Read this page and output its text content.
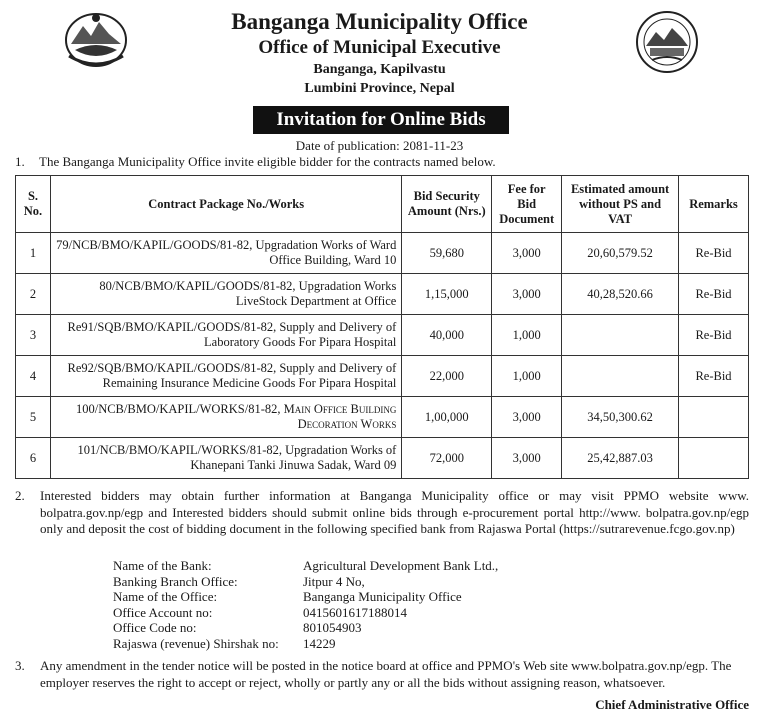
Banganga Municipality Office
Office of Municipal Executive
Banganga, Kapilvastu
Lumbini Province, Nepal
Invitation for Online Bids
Date of publication: 2081-11-23
1. The Banganga Municipality Office invite eligible bidder for the contracts named below.
S. No.	Contract Package No./Works	Bid Security Amount (Nrs.)	Fee for Bid Document	Estimated amount without PS and VAT	Remarks
1	79/NCB/BMO/KAPIL/GOODS/81-82, Upgradation Works of Ward Office Building, Ward 10	59,680	3,000	20,60,579.52	Re-Bid
2	80/NCB/BMO/KAPIL/GOODS/81-82, Upgradation Works LiveStock Department at Office	1,15,000	3,000	40,28,520.66	Re-Bid
3	Re91/SQB/BMO/KAPIL/GOODS/81-82, Supply and Delivery of Laboratory Goods For Pipara Hospital	40,000	1,000		Re-Bid
4	Re92/SQB/BMO/KAPIL/GOODS/81-82, Supply and Delivery of Remaining Insurance Medicine Goods For Pipara Hospital	22,000	1,000		Re-Bid
5	100/NCB/BMO/KAPIL/WORKS/81-82, Main Office Building Decoration Works	1,00,000	3,000	34,50,300.62	
6	101/NCB/BMO/KAPIL/WORKS/81-82, Upgradation Works of Khanepani Tanki Jinuwa Sadak, Ward 09	72,000	3,000	25,42,887.03	
2. Interested bidders may obtain further information at Banganga Municipality office or may visit PPMO website www. bolpatra.gov.np/egp and Interested bidders should submit online bids through e-procurement portal http://www. bolpatra.gov.np/egp only and deposit the cost of bidding document in the following specified bank from Rajaswa Portal (https://sutrarevenue.fcgo.gov.np)
Name of the Bank:	Agricultural Development Bank Ltd.,
Banking Branch Office:	Jitpur 4 No,
Name of the Office:	Banganga Municipality Office
Office Account no:	0415601617188014
Office Code no:	801054903
Rajaswa (revenue) Shirshak no:	14229
3. Any amendment in the tender notice will be posted in the notice board at office and PPMO's Web site www.bolpatra.gov.np/egp. The employer reserves the right to accept or reject, wholly or partly any or all the bids without assigning reason, whatsoever.
Chief Administrative Office
